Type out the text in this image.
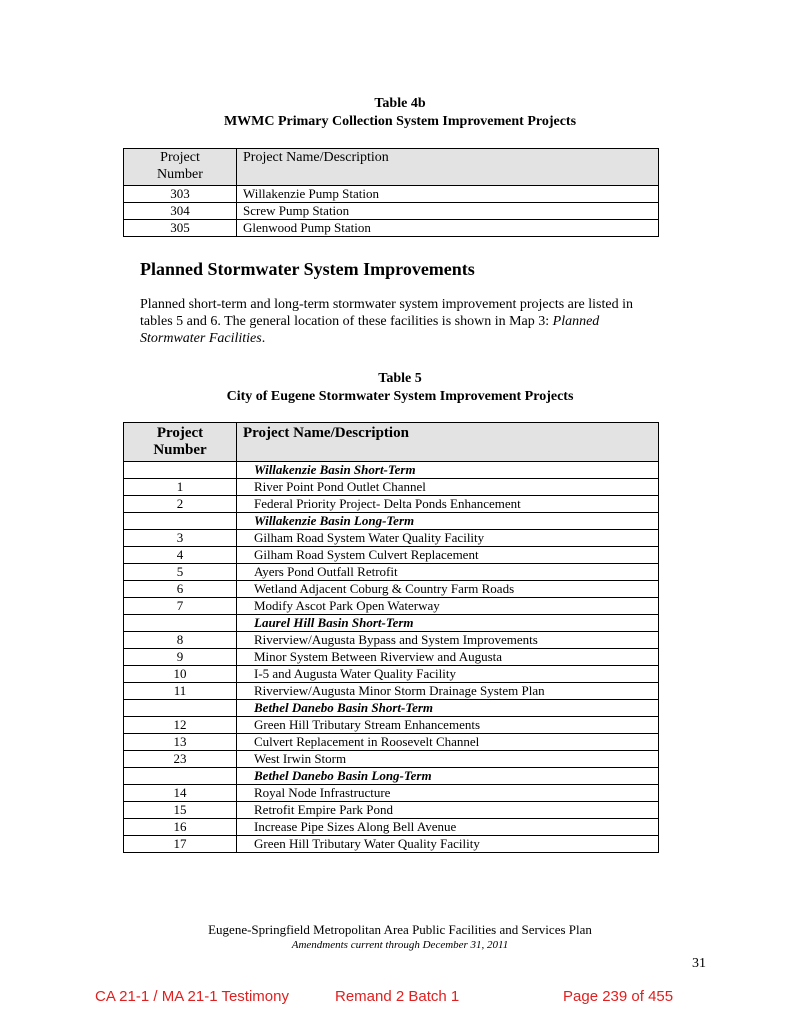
Table 4b
MWMC Primary Collection System Improvement Projects
Project
Number	Project Name/Description
303	Willakenzie Pump Station
304	Screw Pump Station
305	Glenwood Pump Station
Planned Stormwater System Improvements
Planned short-term and long-term stormwater system improvement projects are listed in
tables 5 and 6. The general location of these facilities is shown in Map 3: Planned
Stormwater Facilities.
Table 5
City of Eugene Stormwater System Improvement Projects
Project
Number	Project Name/Description
	Willakenzie Basin Short-Term
1	River Point Pond Outlet Channel
2	Federal Priority Project- Delta Ponds Enhancement
	Willakenzie Basin Long-Term
3	Gilham Road System Water Quality Facility
4	Gilham Road System Culvert Replacement
5	Ayers Pond Outfall Retrofit
6	Wetland Adjacent Coburg & Country Farm Roads
7	Modify Ascot Park Open Waterway
	Laurel Hill Basin Short-Term
8	Riverview/Augusta Bypass and System Improvements
9	Minor System Between Riverview and Augusta
10	I-5 and Augusta Water Quality Facility
11	Riverview/Augusta Minor Storm Drainage System Plan
	Bethel Danebo Basin Short-Term
12	Green Hill Tributary Stream Enhancements
13	Culvert Replacement in Roosevelt Channel
23	West Irwin Storm
	Bethel Danebo Basin Long-Term
14	Royal Node Infrastructure
15	Retrofit Empire Park Pond
16	Increase Pipe Sizes Along Bell Avenue
17	Green Hill Tributary Water Quality Facility
Eugene-Springfield Metropolitan Area Public Facilities and Services Plan
Amendments current through December 31, 2011
31
CA 21-1 / MA 21-1 Testimony	Remand 2 Batch 1	Page 239 of 455
